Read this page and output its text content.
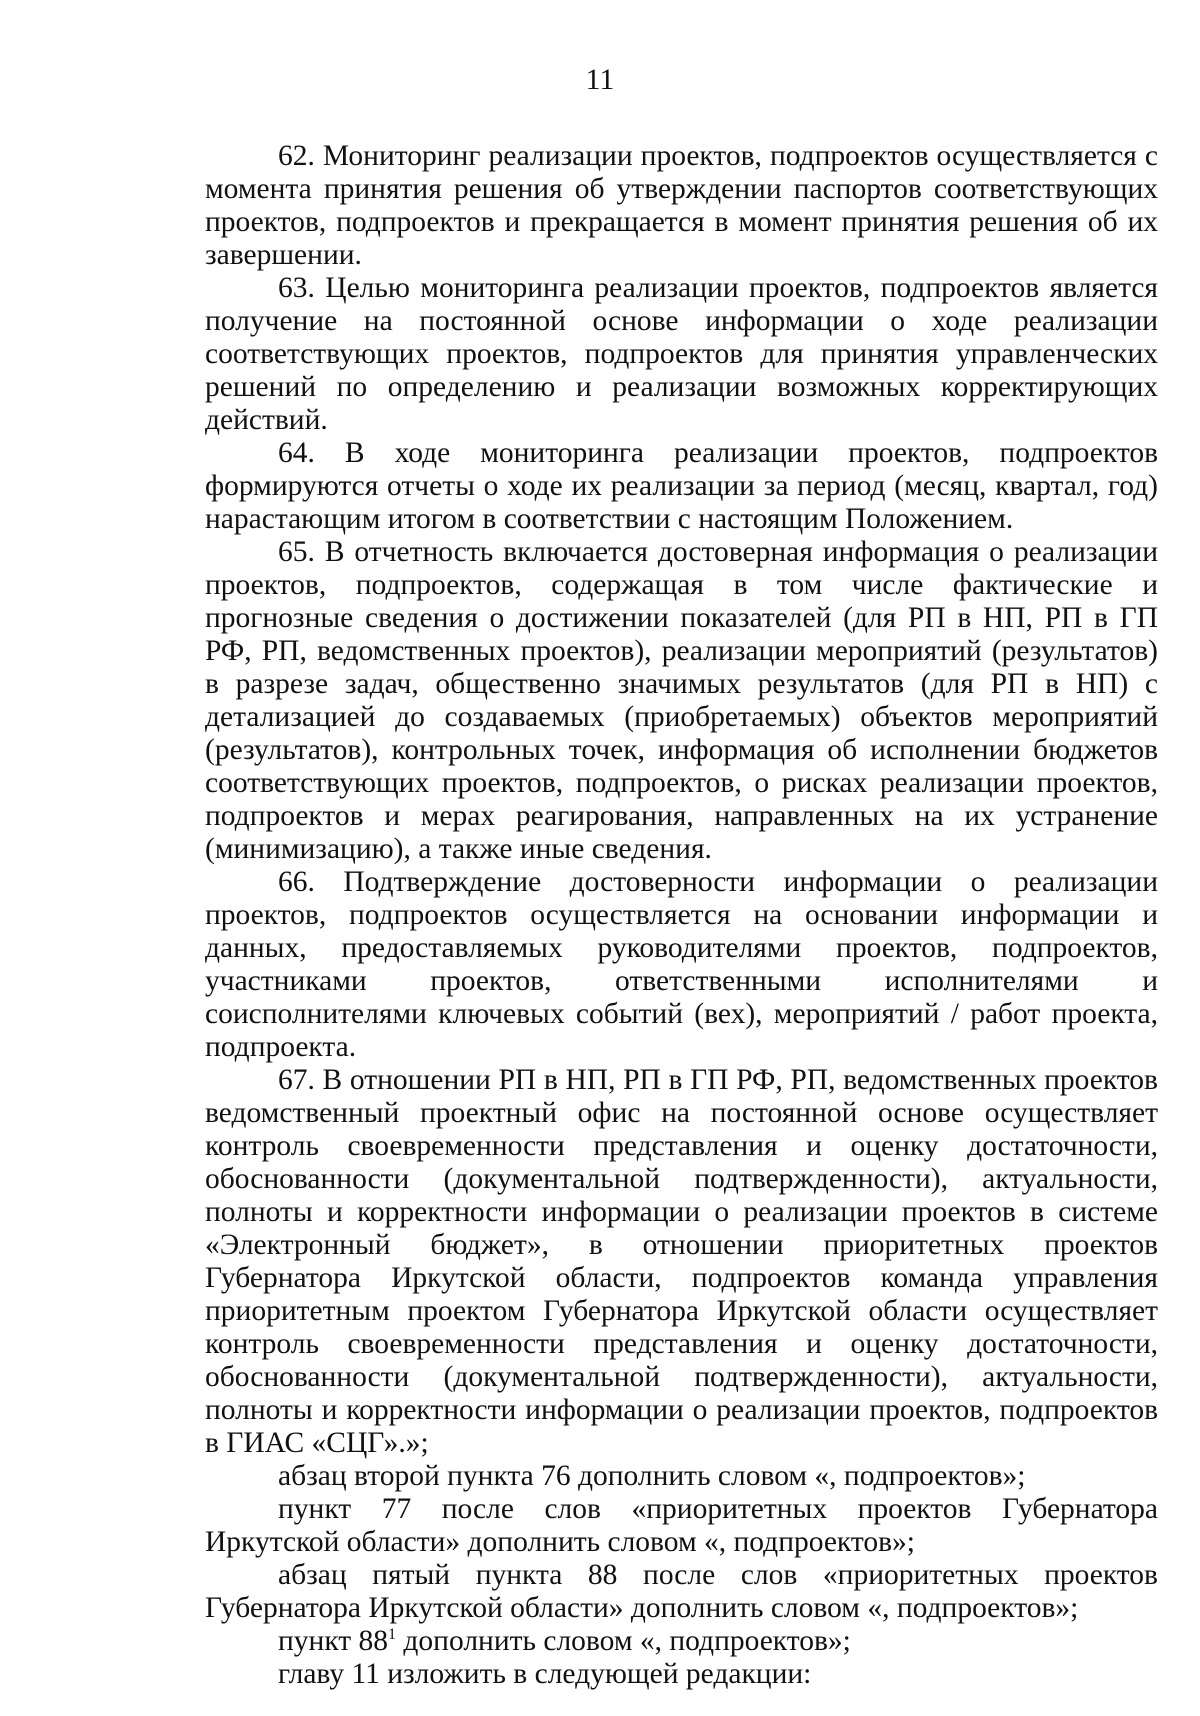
11

62. Мониторинг реализации проектов, подпроектов осуществляется с момента принятия решения об утверждении паспортов соответствующих проектов, подпроектов и прекращается в момент принятия решения об их завершении.

63. Целью мониторинга реализации проектов, подпроектов является получение на постоянной основе информации о ходе реализации соответствующих проектов, подпроектов для принятия управленческих решений по определению и реализации возможных корректирующих действий.

64. В ходе мониторинга реализации проектов, подпроектов формируются отчеты о ходе их реализации за период (месяц, квартал, год) нарастающим итогом в соответствии с настоящим Положением.

65. В отчетность включается достоверная информация о реализации проектов, подпроектов, содержащая в том числе фактические и прогнозные сведения о достижении показателей (для РП в НП, РП в ГП РФ, РП, ведомственных проектов), реализации мероприятий (результатов) в разрезе задач, общественно значимых результатов (для РП в НП) с детализацией до создаваемых (приобретаемых) объектов мероприятий (результатов), контрольных точек, информация об исполнении бюджетов соответствующих проектов, подпроектов, о рисках реализации проектов, подпроектов и мерах реагирования, направленных на их устранение (минимизацию), а также иные сведения.

66. Подтверждение достоверности информации о реализации проектов, подпроектов осуществляется на основании информации и данных, предоставляемых руководителями проектов, подпроектов, участниками проектов, ответственными исполнителями и соисполнителями ключевых событий (вех), мероприятий / работ проекта, подпроекта.

67. В отношении РП в НП, РП в ГП РФ, РП, ведомственных проектов ведомственный проектный офис на постоянной основе осуществляет контроль своевременности представления и оценку достаточности, обоснованности (документальной подтвержденности), актуальности, полноты и корректности информации о реализации проектов в системе «Электронный бюджет», в отношении приоритетных проектов Губернатора Иркутской области, подпроектов команда управления приоритетным проектом Губернатора Иркутской области осуществляет контроль своевременности представления и оценку достаточности, обоснованности (документальной подтвержденности), актуальности, полноты и корректности информации о реализации проектов, подпроектов в ГИАС «СЦГ».»;

абзац второй пункта 76 дополнить словом «, подпроектов»;

пункт 77 после слов «приоритетных проектов Губернатора Иркутской области» дополнить словом «, подпроектов»;

абзац пятый пункта 88 после слов «приоритетных проектов Губернатора Иркутской области» дополнить словом «, подпроектов»;

пункт $88^1$ дополнить словом «, подпроектов»;

главу 11 изложить в следующей редакции:
